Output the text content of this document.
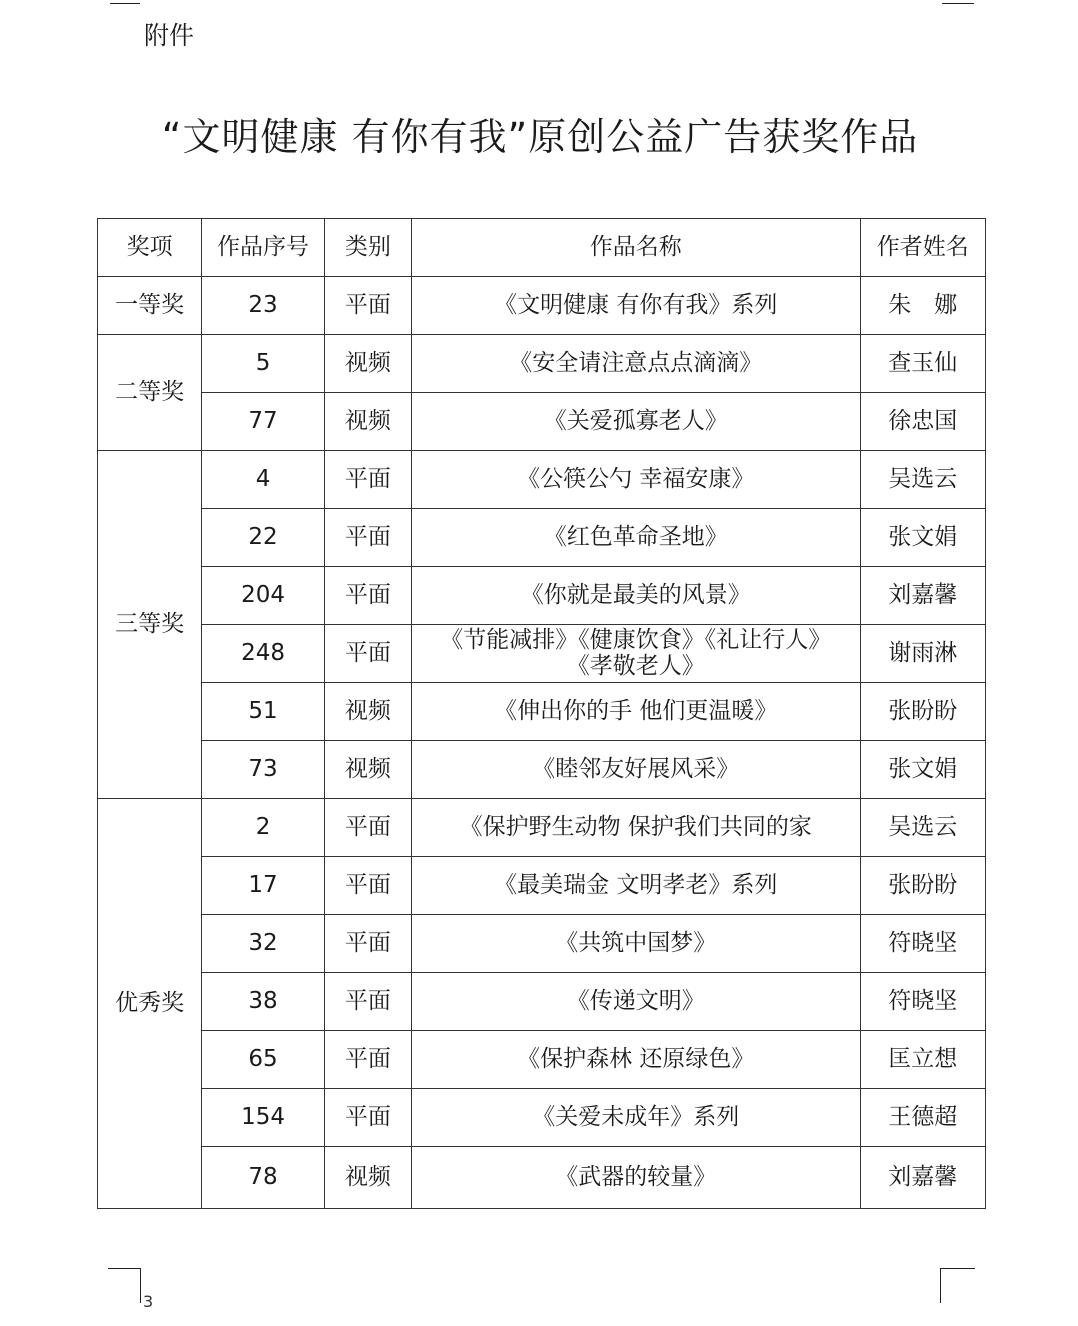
附件
“文明健康 有你有我”原创公益广告获奖作品
奖项	作品序号	类别	作品名称	作者姓名
一等奖	23	平面	《文明健康 有你有我》系列	朱　娜
二等奖	5	视频	《安全请注意点点滴滴》	查玉仙
	77	视频	《关爱孤寡老人》	徐忠国
三等奖	4	平面	《公筷公勺 幸福安康》	吴选云
	22	平面	《红色革命圣地》	张文娟
	204	平面	《你就是最美的风景》	刘嘉馨
	248	平面	《节能减排》《健康饮食》《礼让行人》
《孝敬老人》	谢雨淋
	51	视频	《伸出你的手 他们更温暖》	张盼盼
	73	视频	《睦邻友好展风采》	张文娟
优秀奖	2	平面	《保护野生动物 保护我们共同的家	吴选云
	17	平面	《最美瑞金 文明孝老》系列	张盼盼
	32	平面	《共筑中国梦》	符晓坚
	38	平面	《传递文明》	符晓坚
	65	平面	《保护森林 还原绿色》	匡立想
	154	平面	《关爱未成年》系列	王德超
	78	视频	《武器的较量》	刘嘉馨
3
